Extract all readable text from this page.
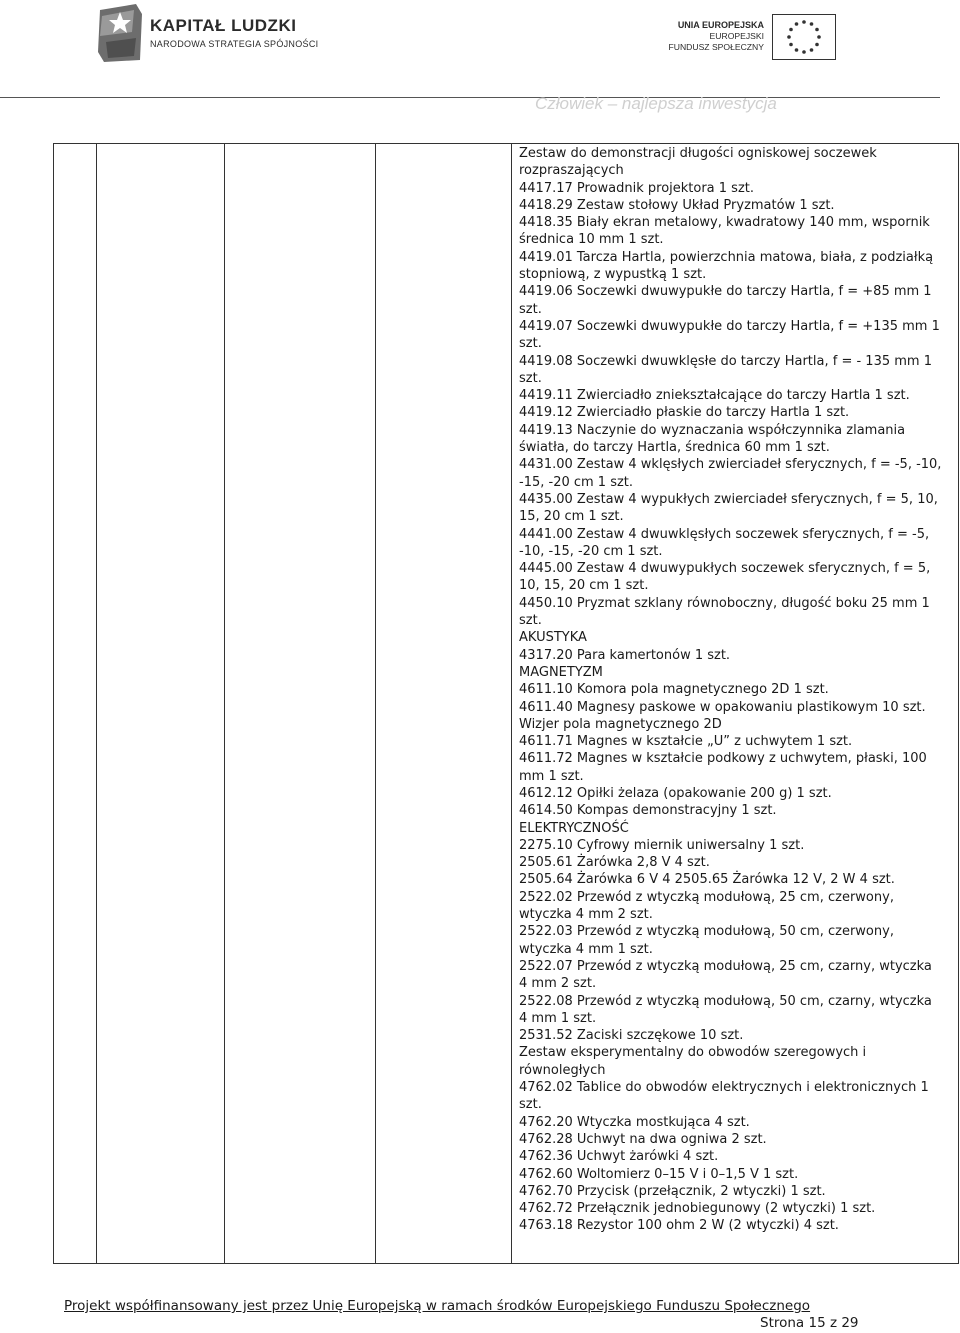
KAPITAŁ LUDZKI
NARODOWA STRATEGIA SPÓJNOŚCI
UNIA EUROPEJSKA
EUROPEJSKI
FUNDUSZ SPOŁECZNY
Człowiek – najlepsza inwestycja

Zestaw do demonstracji długości ogniskowej soczewek rozpraszających

4417.17 Prowadnik projektora 1 szt.

4418.29 Zestaw stołowy Układ Pryzmatów 1 szt.

4418.35 Biały ekran metalowy, kwadratowy 140 mm, wspornik średnica 10 mm 1 szt.

4419.01 Tarcza Hartla, powierzchnia matowa, biała, z podziałką stopniową, z wypustką 1 szt.

4419.06 Soczewki dwuwypukłe do tarczy Hartla, f = +85 mm 1 szt.

4419.07 Soczewki dwuwypukłe do tarczy Hartla, f = +135 mm 1 szt.

4419.08 Soczewki dwuwklęsłe do tarczy Hartla, f = - 135 mm 1 szt.

4419.11 Zwierciadło zniekształcające do tarczy Hartla 1 szt.

4419.12 Zwierciadło płaskie do tarczy Hartla 1 szt.

4419.13 Naczynie do wyznaczania współczynnika zlamania światła, do tarczy Hartla, średnica 60 mm 1 szt.

4431.00 Zestaw 4 wklęsłych zwierciadeł sferycznych, f = -5, -10, -15, -20 cm 1 szt.

4435.00 Zestaw 4 wypukłych zwierciadeł sferycznych, f = 5, 10, 15, 20 cm 1 szt.

4441.00 Zestaw 4 dwuwklęsłych soczewek sferycznych, f = -5, -10, -15, -20 cm 1 szt.

4445.00 Zestaw 4 dwuwypukłych soczewek sferycznych, f = 5, 10, 15, 20 cm 1 szt.

4450.10 Pryzmat szklany równoboczny, długość boku 25 mm 1 szt.

AKUSTYKA

4317.20 Para kamertonów 1 szt.

MAGNETYZM

4611.10 Komora pola magnetycznego 2D 1 szt.

4611.40 Magnesy paskowe w opakowaniu plastikowym 10 szt.

Wizjer pola magnetycznego 2D

4611.71 Magnes w kształcie „U” z uchwytem 1 szt.

4611.72 Magnes w kształcie podkowy z uchwytem, płaski, 100 mm 1 szt.

4612.12 Opiłki żelaza (opakowanie 200 g) 1 szt.

4614.50 Kompas demonstracyjny 1 szt.

ELEKTRYCZNOŚĆ

2275.10 Cyfrowy miernik uniwersalny 1 szt.

2505.61 Żarówka 2,8 V 4 szt.

2505.64 Żarówka 6 V 4 2505.65 Żarówka 12 V, 2 W 4 szt.

2522.02 Przewód z wtyczką modułową, 25 cm, czerwony, wtyczka 4 mm 2 szt.

2522.03 Przewód z wtyczką modułową, 50 cm, czerwony, wtyczka 4 mm 1 szt.

2522.07 Przewód z wtyczką modułową, 25 cm, czarny, wtyczka 4 mm 2 szt.

2522.08 Przewód z wtyczką modułową, 50 cm, czarny, wtyczka 4 mm 1 szt.

2531.52 Zaciski szczękowe 10 szt.

Zestaw eksperymentalny do obwodów szeregowych i równoległych

4762.02 Tablice do obwodów elektrycznych i elektronicznych 1 szt.

4762.20 Wtyczka mostkująca 4 szt.

4762.28 Uchwyt na dwa ogniwa 2 szt.

4762.36 Uchwyt żarówki 4 szt.

4762.60 Woltomierz 0–15 V i 0–1,5 V 1 szt.

4762.70 Przycisk (przełącznik, 2 wtyczki) 1 szt.

4762.72 Przełącznik jednobiegunowy (2 wtyczki) 1 szt.

4763.18 Rezystor 100 ohm 2 W (2 wtyczki) 4 szt.

Projekt współfinansowany jest przez Unię Europejską w ramach środków Europejskiego Funduszu Społecznego
Strona 15 z 29
